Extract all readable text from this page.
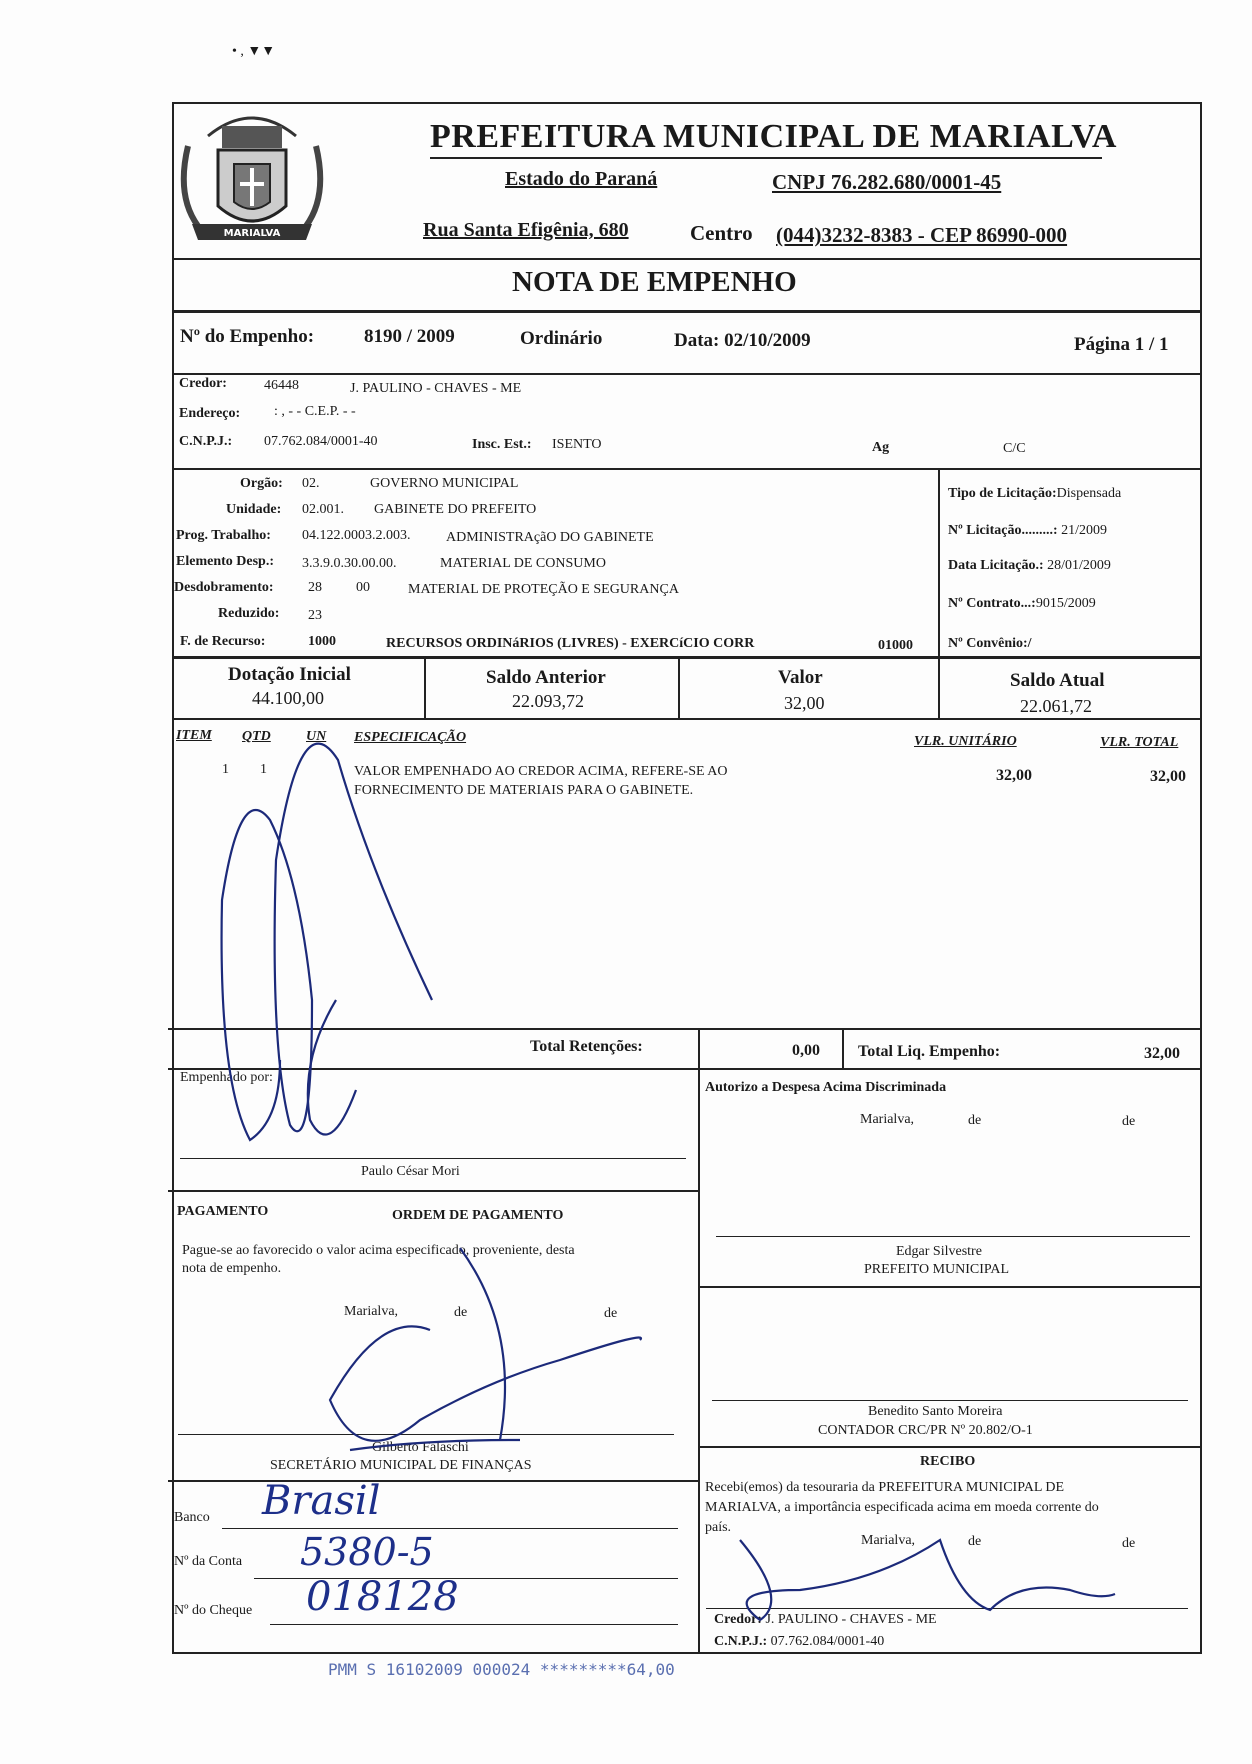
• , ▼▼
MARIALVA
PREFEITURA MUNICIPAL DE MARIALVA
Estado do Paraná	CNPJ 76.282.680/0001-45
Rua Santa Efigênia, 680	Centro (044)3232-8383 - CEP 86990-000
NOTA DE EMPENHO
Nº do Empenho:	8190 / 2009	Ordinário	Data: 02/10/2009	Página 1 / 1
Credor:	46448	J. PAULINO - CHAVES - ME
Endereço: : , - - C.E.P. - -
C.N.P.J.: 07.762.084/0001-40	Insc. Est.: ISENTO	Ag	C/C
Orgão: 02.	GOVERNO MUNICIPAL
Unidade: 02.001. GABINETE DO PREFEITO
Prog. Trabalho: 04.122.0003.2.003.	ADMINISTRAçãO DO GABINETE
Elemento Desp.: 3.3.9.0.30.00.00.	MATERIAL DE CONSUMO
Desdobramento: 28 00	MATERIAL DE PROTEÇÃO E SEGURANÇA
Reduzido: 23
F. de Recurso:	1000	RECURSOS ORDINáRIOS (LIVRES) - EXERCíCIO CORR	01000
Tipo de Licitação:Dispensada
Nº Licitação.........: 21/2009
Data Licitação.: 28/01/2009
Nº Contrato...:9015/2009
Nº Convênio:/
Dotação Inicial
44.100,00
Saldo Anterior
22.093,72
Valor
32,00
Saldo Atual
22.061,72
ITEM QTD	UN ESPECIFICAÇÃO	VLR. UNITÁRIO	VLR. TOTAL
1 1	VALOR EMPENHADO AO CREDOR ACIMA, REFERE-SE AO
FORNECIMENTO DE MATERIAIS PARA O GABINETE.
32,00	32,00
Total Retenções:	0,00 Total Liq. Empenho:	32,00
Empenhado por:
Paulo César Mori
Autorizo a Despesa Acima Discriminada
Marialva,	de	de
Edgar Silvestre
PREFEITO MUNICIPAL
Benedito Santo Moreira
CONTADOR CRC/PR Nº 20.802/O-1
PAGAMENTO	ORDEM DE PAGAMENTO
Pague-se ao favorecido o valor acima especificado, proveniente, desta
nota de empenho.
Marialva,	de	de
Gilberto Falaschi
SECRETÁRIO MUNICIPAL DE FINANÇAS
Banco Brasil
Nº da Conta 5380-5
Nº do Cheque 018128
RECIBO
Recebi(emos) da tesouraria da PREFEITURA MUNICIPAL DE
MARIALVA, a importância especificada acima em moeda corrente do
país.
Marialva,	de	de
Credor: J. PAULINO - CHAVES - ME
C.N.P.J.: 07.762.084/0001-40
PMM S 16102009 000024 *********64,00
